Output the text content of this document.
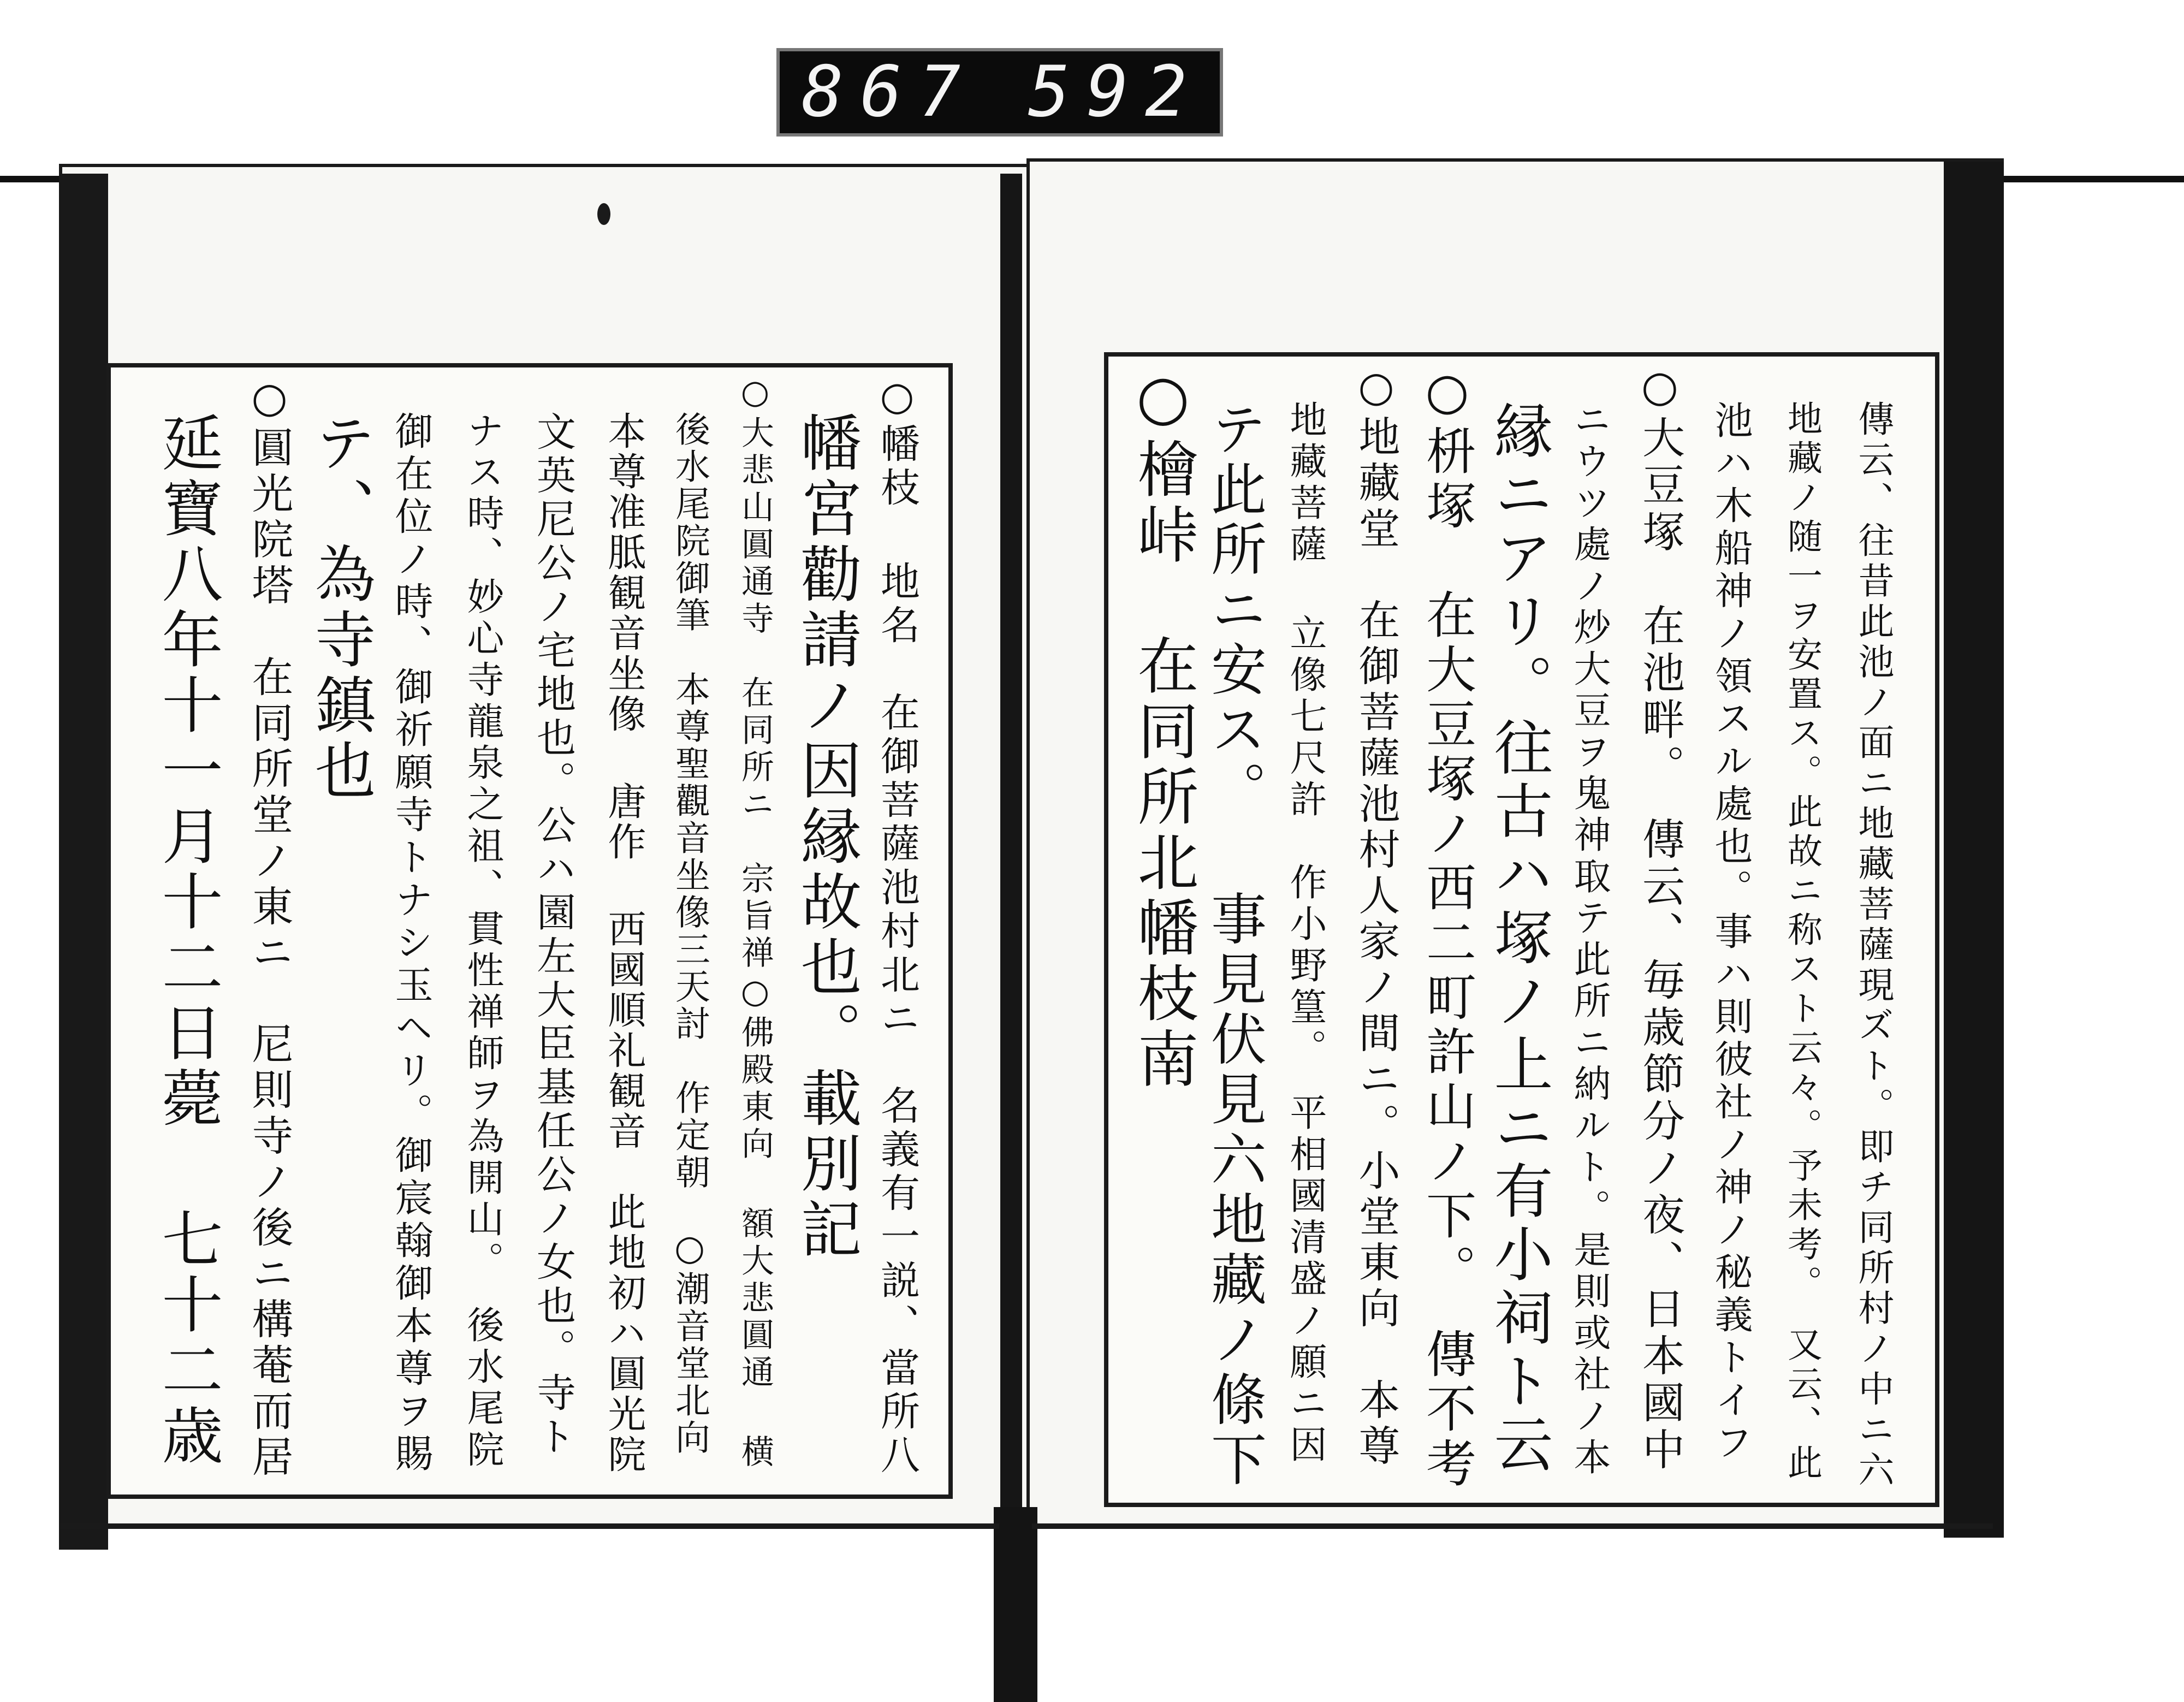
867 592
傳云、往昔此池ノ面ニ地藏菩薩現ズト。即チ同所村ノ中ニ六
地藏ノ随一ヲ安置ス。此故ニ称スト云々。予未考。　又云、此
池ハ木船神ノ領スル處也。事ハ則彼社ノ神ノ秘義トイフ
○大豆塚　在池畔。　傳云、毎歳節分ノ夜、日本國中
ニウツ處ノ炒大豆ヲ鬼神取テ此所ニ納ルト。是則或社ノ本
縁ニアリ。往古ハ塚ノ上ニ有小祠ト云
○枡塚　在大豆塚ノ西二町許山ノ下。　傳不考
○地藏堂　在御菩薩池村人家ノ間ニ。小堂東向　本尊
地藏菩薩 立像七尺許　作小野篁。　平相國清盛ノ願ニ因
テ此所ニ安ス。 事見伏見六地藏ノ條下
○檜峠　在同所北幡枝南
○幡枝 地名　在御菩薩池村北ニ　名義有一説、當所八
幡宮勸請ノ因縁故也。載別記
○大悲山圓通寺　在同所ニ　宗旨禅○佛殿東向 額大悲圓通 横
後水尾院御筆　本尊聖觀音坐像三天討　作定朝　○潮音堂北向
本尊准胝観音坐像 唐作 西國順礼観音　此地初ハ圓光院
文英尼公ノ宅地也。公ハ園左大臣基任公ノ女也。寺ト
ナス時、妙心寺龍泉之祖、貫性禅師ヲ為開山。　後水尾院
御在位ノ時、御祈願寺トナシ玉ヘリ。御宸翰御本尊ヲ賜
テ、為寺鎮也
○圓光院塔　在同所堂ノ東ニ　尼則寺ノ後ニ構菴而居
延寶八年十一月十二日薨 七十二歳
